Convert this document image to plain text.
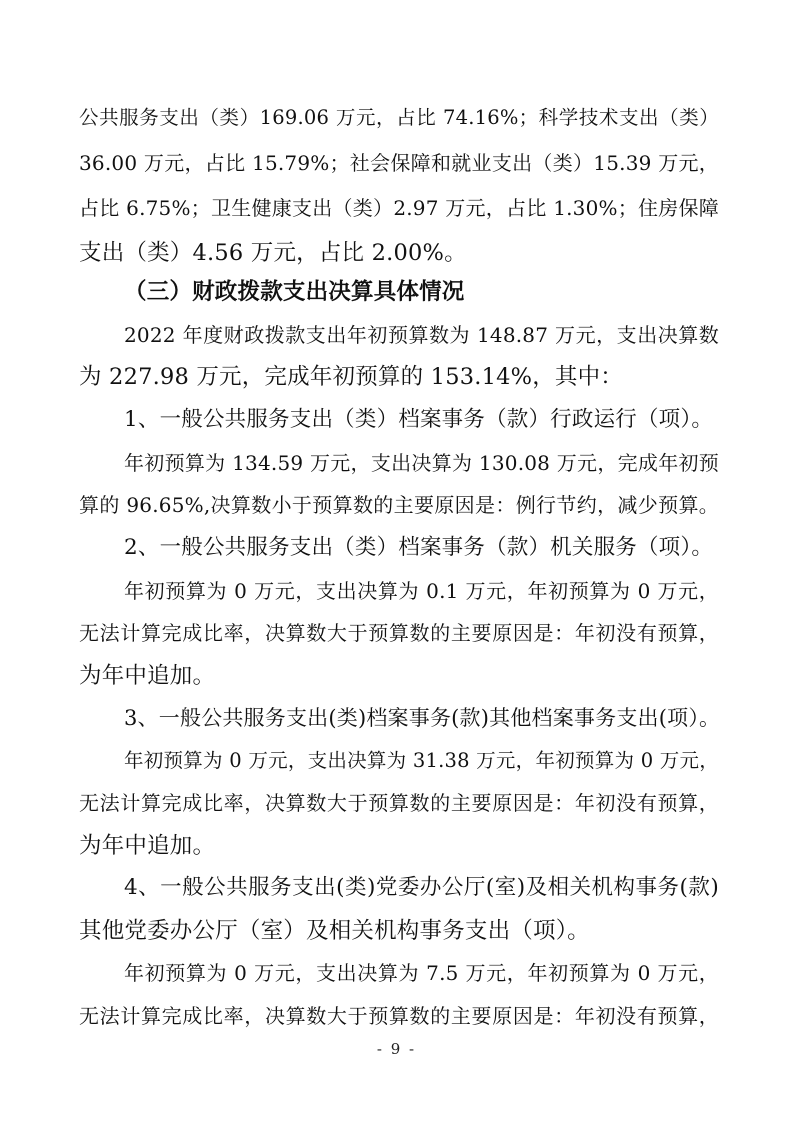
公共服务支出（类）169.06 万元，占比 74.16%；科学技术支出（类）
36.00 万元，占比 15.79%；社会保障和就业支出（类）15.39 万元，
占比 6.75%；卫生健康支出（类）2.97 万元，占比 1.30%；住房保障
支出（类）4.56 万元，占比 2.00%。
（三）财政拨款支出决算具体情况
2022 年度财政拨款支出年初预算数为 148.87 万元，支出决算数
为 227.98 万元，完成年初预算的 153.14%，其中：
1、一般公共服务支出（类）档案事务（款）行政运行（项）。
年初预算为 134.59 万元，支出决算为 130.08 万元，完成年初预
算的 96.65%,决算数小于预算数的主要原因是：例行节约，减少预算。
2、一般公共服务支出（类）档案事务（款）机关服务（项）。
年初预算为 0 万元，支出决算为 0.1 万元，年初预算为 0 万元，
无法计算完成比率，决算数大于预算数的主要原因是：年初没有预算，
为年中追加。
3、一般公共服务支出(类)档案事务(款)其他档案事务支出(项）。
年初预算为 0 万元，支出决算为 31.38 万元，年初预算为 0 万元，
无法计算完成比率，决算数大于预算数的主要原因是：年初没有预算，
为年中追加。
4、一般公共服务支出(类)党委办公厅(室)及相关机构事务(款)
其他党委办公厅（室）及相关机构事务支出（项）。
年初预算为 0 万元，支出决算为 7.5 万元，年初预算为 0 万元，
无法计算完成比率，决算数大于预算数的主要原因是：年初没有预算，
- 9 -
